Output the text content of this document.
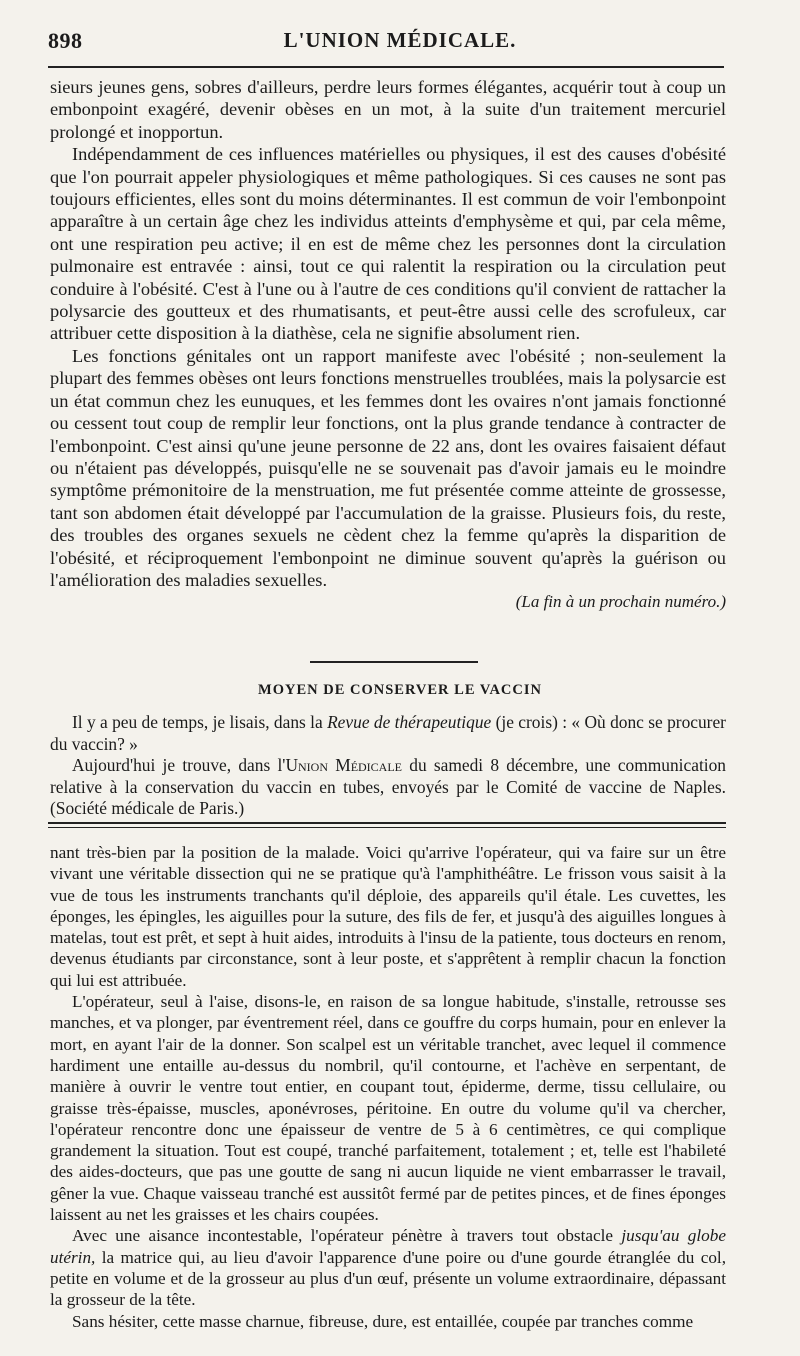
898	L'UNION MÉDICALE.

sieurs jeunes gens, sobres d'ailleurs, perdre leurs formes élégantes, acquérir tout à coup un embonpoint exagéré, devenir obèses en un mot, à la suite d'un traitement mercuriel prolongé et inopportun.

Indépendamment de ces influences matérielles ou physiques, il est des causes d'obésité que l'on pourrait appeler physiologiques et même pathologiques. Si ces causes ne sont pas toujours efficientes, elles sont du moins déterminantes. Il est commun de voir l'embonpoint apparaître à un certain âge chez les individus atteints d'emphysème et qui, par cela même, ont une respiration peu active; il en est de même chez les personnes dont la circulation pulmonaire est entravée : ainsi, tout ce qui ralentit la respiration ou la circulation peut conduire à l'obésité. C'est à l'une ou à l'autre de ces conditions qu'il convient de rattacher la polysarcie des goutteux et des rhumatisants, et peut-être aussi celle des scrofuleux, car attribuer cette disposition à la diathèse, cela ne signifie absolument rien.

Les fonctions génitales ont un rapport manifeste avec l'obésité ; non-seulement la plupart des femmes obèses ont leurs fonctions menstruelles troublées, mais la polysarcie est un état commun chez les eunuques, et les femmes dont les ovaires n'ont jamais fonctionné ou cessent tout coup de remplir leur fonctions, ont la plus grande tendance à contracter de l'embonpoint. C'est ainsi qu'une jeune personne de 22 ans, dont les ovaires faisaient défaut ou n'étaient pas développés, puisqu'elle ne se souvenait pas d'avoir jamais eu le moindre symptôme prémonitoire de la menstruation, me fut présentée comme atteinte de grossesse, tant son abdomen était développé par l'accumulation de la graisse. Plusieurs fois, du reste, des troubles des organes sexuels ne cèdent chez la femme qu'après la disparition de l'obésité, et réciproquement l'embonpoint ne diminue souvent qu'après la guérison ou l'amélioration des maladies sexuelles.

(La fin à un prochain numéro.)

MOYEN DE CONSERVER LE VACCIN

Il y a peu de temps, je lisais, dans la Revue de thérapeutique (je crois) : « Où donc se procurer du vaccin? »

Aujourd'hui je trouve, dans l'Union Médicale du samedi 8 décembre, une communication relative à la conservation du vaccin en tubes, envoyés par le Comité de vaccine de Naples. (Société médicale de Paris.)

nant très-bien par la position de la malade. Voici qu'arrive l'opérateur, qui va faire sur un être vivant une véritable dissection qui ne se pratique qu'à l'amphithéâtre. Le frisson vous saisit à la vue de tous les instruments tranchants qu'il déploie, des appareils qu'il étale. Les cuvettes, les éponges, les épingles, les aiguilles pour la suture, des fils de fer, et jusqu'à des aiguilles longues à matelas, tout est prêt, et sept à huit aides, introduits à l'insu de la patiente, tous docteurs en renom, devenus étudiants par circonstance, sont à leur poste, et s'apprêtent à remplir chacun la fonction qui lui est attribuée.

L'opérateur, seul à l'aise, disons-le, en raison de sa longue habitude, s'installe, retrousse ses manches, et va plonger, par éventrement réel, dans ce gouffre du corps humain, pour en enlever la mort, en ayant l'air de la donner. Son scalpel est un véritable tranchet, avec lequel il commence hardiment une entaille au-dessus du nombril, qu'il contourne, et l'achève en serpentant, de manière à ouvrir le ventre tout entier, en coupant tout, épiderme, derme, tissu cellulaire, ou graisse très-épaisse, muscles, aponévroses, péritoine. En outre du volume qu'il va chercher, l'opérateur rencontre donc une épaisseur de ventre de 5 à 6 centimètres, ce qui complique grandement la situation. Tout est coupé, tranché parfaitement, totalement ; et, telle est l'habileté des aides-docteurs, que pas une goutte de sang ni aucun liquide ne vient embarrasser le travail, gêner la vue. Chaque vaisseau tranché est aussitôt fermé par de petites pinces, et de fines éponges laissent au net les graisses et les chairs coupées.

Avec une aisance incontestable, l'opérateur pénètre à travers tout obstacle jusqu'au globe utérin, la matrice qui, au lieu d'avoir l'apparence d'une poire ou d'une gourde étranglée du col, petite en volume et de la grosseur au plus d'un œuf, présente un volume extraordinaire, dépassant la grosseur de la tête.

Sans hésiter, cette masse charnue, fibreuse, dure, est entaillée, coupée par tranches comme
